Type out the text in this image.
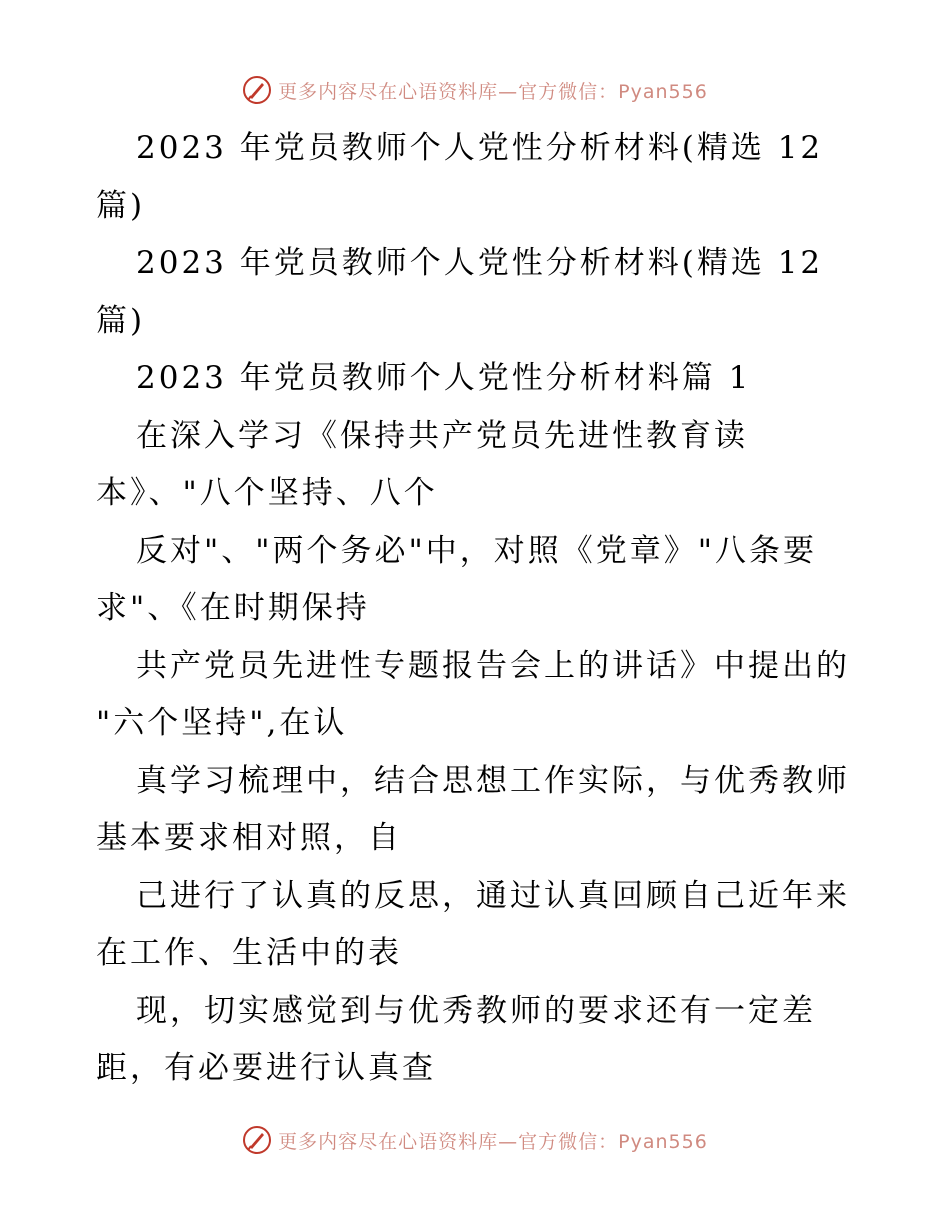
更多内容尽在心语资料库—官方微信：Pyan556
2023 年党员教师个人党性分析材料(精选 12
篇)
2023 年党员教师个人党性分析材料(精选 12
篇)
2023 年党员教师个人党性分析材料篇 1
在深入学习《保持共产党员先进性教育读
本》、"八个坚持、八个
反对"、"两个务必"中，对照《党章》"八条要
求"、《在时期保持
共产党员先进性专题报告会上的讲话》中提出的
"六个坚持",在认
真学习梳理中，结合思想工作实际，与优秀教师
基本要求相对照，自
己进行了认真的反思，通过认真回顾自己近年来
在工作、生活中的表
现，切实感觉到与优秀教师的要求还有一定差
距，有必要进行认真查
更多内容尽在心语资料库—官方微信：Pyan556
